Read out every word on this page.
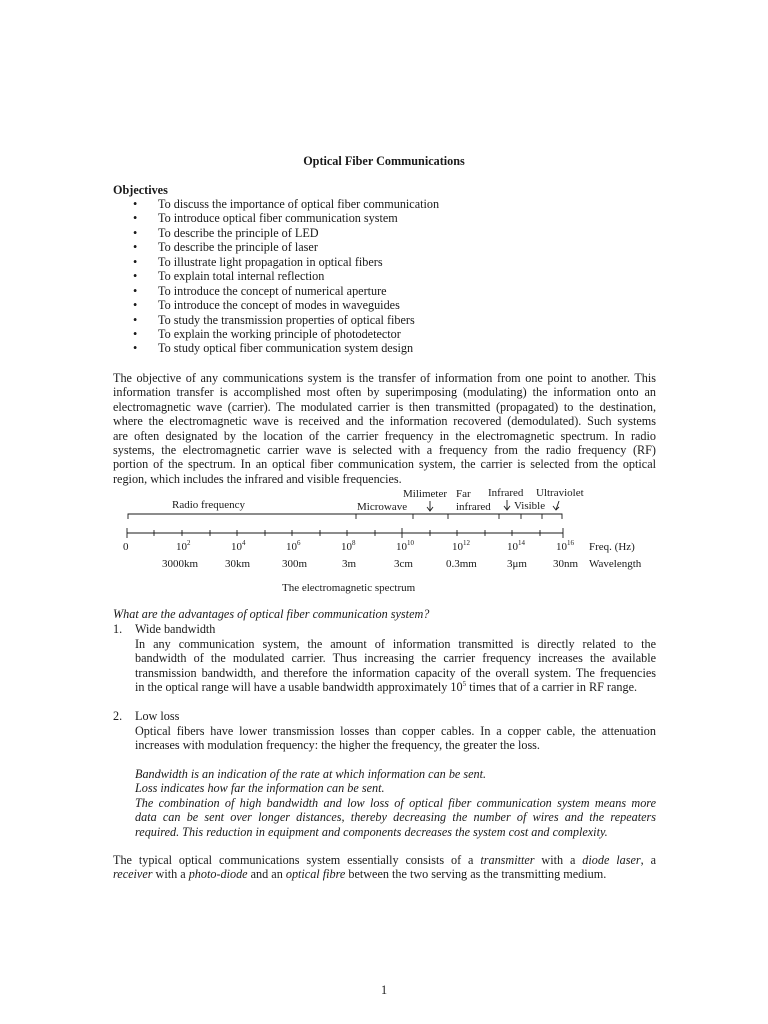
Optical Fiber Communications
Objectives
• To discuss the importance of optical fiber communication
• To introduce optical fiber communication system
• To describe the principle of LED
• To describe the principle of laser
• To illustrate light propagation in optical fibers
• To explain total internal reflection
• To introduce the concept of numerical aperture
• To introduce the concept of modes in waveguides
• To study the transmission properties of optical fibers
• To explain the working principle of photodetector
• To study optical fiber communication system design
The objective of any communications system is the transfer of information from one point to another. This
information transfer is accomplished most often by superimposing (modulating) the information onto an
electromagnetic wave (carrier). The modulated carrier is then transmitted (propagated) to the destination,
where the electromagnetic wave is received and the information recovered (demodulated). Such systems
are often designated by the location of the carrier frequency in the electromagnetic spectrum. In radio
systems, the electromagnetic carrier wave is selected with a frequency from the radio frequency (RF)
portion of the spectrum. In an optical fiber communication system, the carrier is selected from the optical
region, which includes the infrared and visible frequencies.
Radio frequency	Microwave
Milimeter Far
infrared
Infrared
Visible
Ultraviolet
0	$10^2$	$10^4$	$10^6$	$10^8$	$10^{10}$	$10^{12}$	$10^{14}$	$10^{16}$ Freq. (Hz)
3000km 30km	300m	3m	3cm	0.3mm	3μm 30nm Wavelength
The electromagnetic spectrum
What are the advantages of optical fiber communication system?
1. Wide bandwidth
In any communication system, the amount of information transmitted is directly related to the
bandwidth of the modulated carrier. Thus increasing the carrier frequency increases the available
transmission bandwidth, and therefore the information capacity of the overall system. The frequencies
in the optical range will have a usable bandwidth approximately $10^5$ times that of a carrier in RF range.
2. Low loss
Optical fibers have lower transmission losses than copper cables. In a copper cable, the attenuation
increases with modulation frequency: the higher the frequency, the greater the loss.
Bandwidth is an indication of the rate at which information can be sent.
Loss indicates how far the information can be sent.
The combination of high bandwidth and low loss of optical fiber communication system means more
data can be sent over longer distances, thereby decreasing the number of wires and the repeaters
required. This reduction in equipment and components decreases the system cost and complexity.
The typical optical communications system essentially consists of a transmitter with a diode laser, a
receiver with a photo-diode and an optical fibre between the two serving as the transmitting medium.
1
